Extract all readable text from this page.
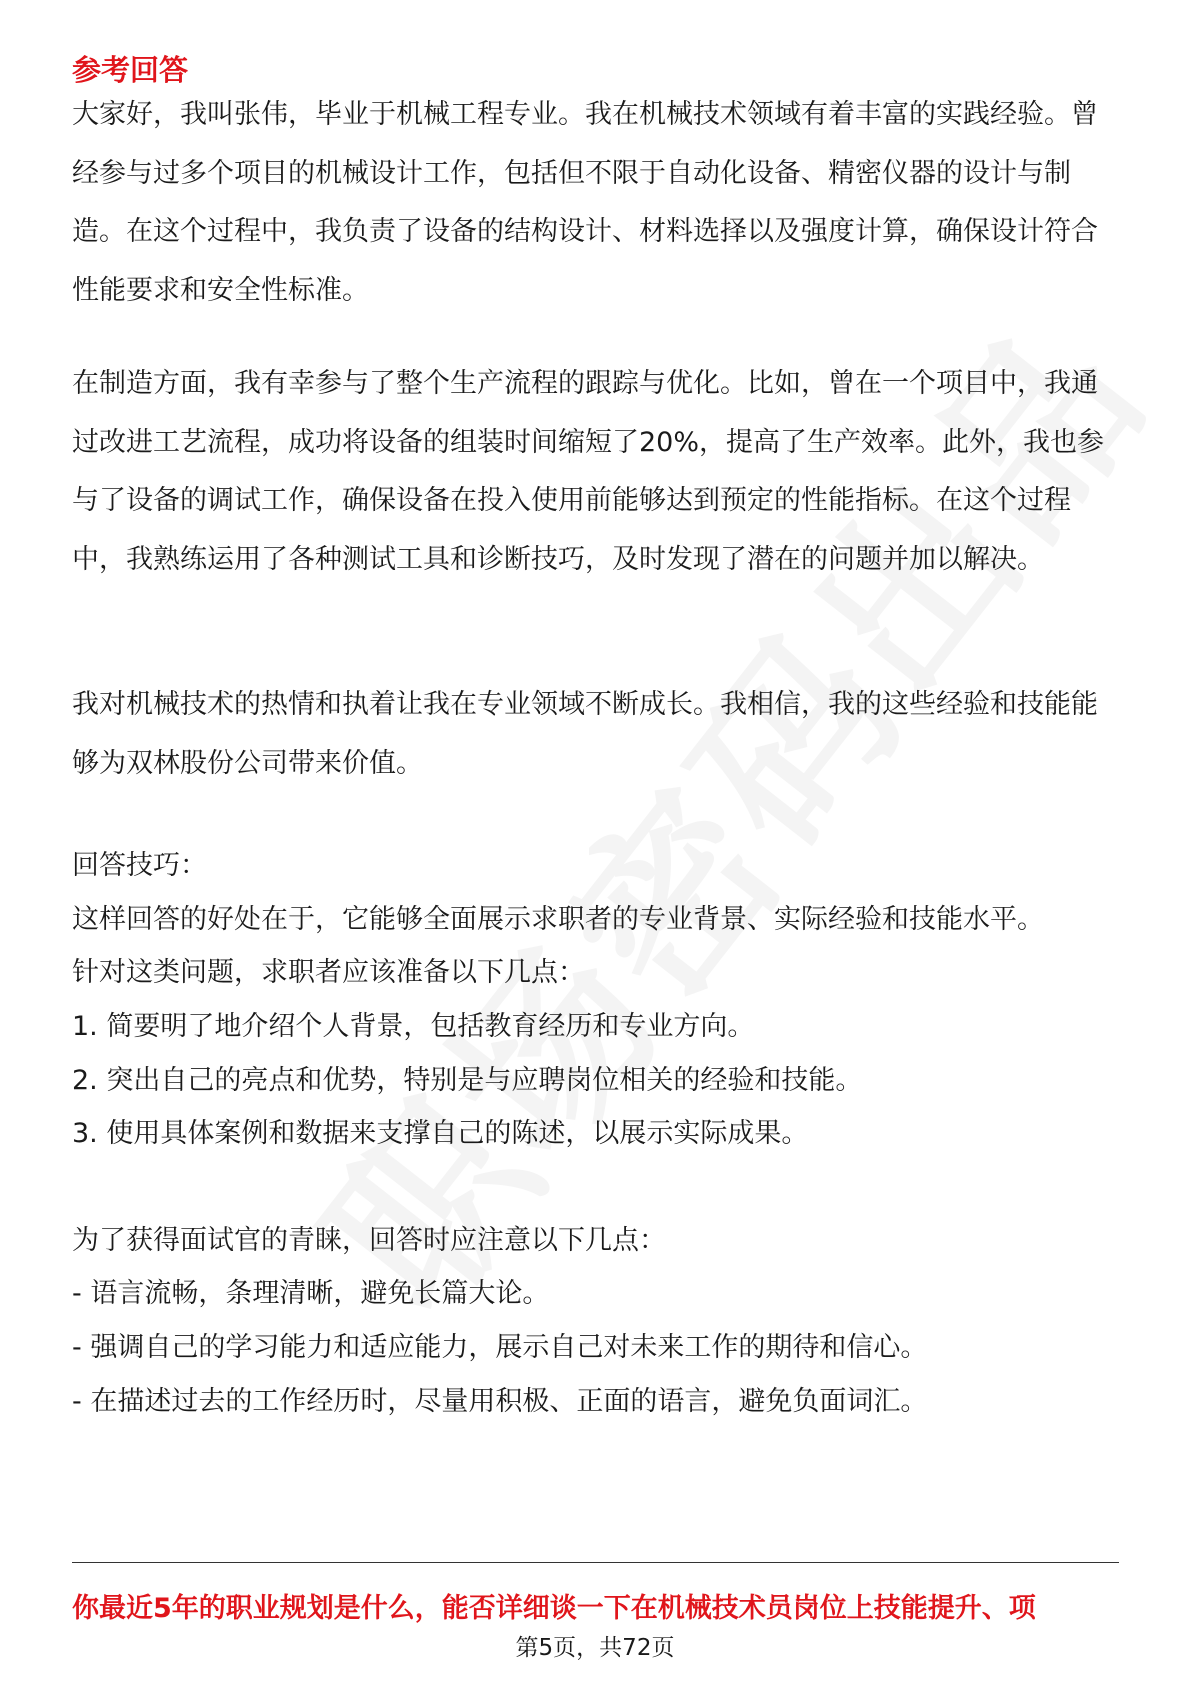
参考回答

大家好，我叫张伟，毕业于机械工程专业。我在机械技术领域有着丰富的实践经验。曾经参与过多个项目的机械设计工作，包括但不限于自动化设备、精密仪器的设计与制造。在这个过程中，我负责了设备的结构设计、材料选择以及强度计算，确保设计符合性能要求和安全性标准。

在制造方面，我有幸参与了整个生产流程的跟踪与优化。比如，曾在一个项目中，我通过改进工艺流程，成功将设备的组装时间缩短了20%，提高了生产效率。此外，我也参与了设备的调试工作，确保设备在投入使用前能够达到预定的性能指标。在这个过程中，我熟练运用了各种测试工具和诊断技巧，及时发现了潜在的问题并加以解决。

我对机械技术的热情和执着让我在专业领域不断成长。我相信，我的这些经验和技能能够为双林股份公司带来价值。

回答技巧：
这样回答的好处在于，它能够全面展示求职者的专业背景、实际经验和技能水平。
针对这类问题，求职者应该准备以下几点：
1. 简要明了地介绍个人背景，包括教育经历和专业方向。
2. 突出自己的亮点和优势，特别是与应聘岗位相关的经验和技能。
3. 使用具体案例和数据来支撑自己的陈述，以展示实际成果。
为了获得面试官的青睐，回答时应注意以下几点：
- 语言流畅，条理清晰，避免长篇大论。
- 强调自己的学习能力和适应能力，展示自己对未来工作的期待和信心。
- 在描述过去的工作经历时，尽量用积极、正面的语言，避免负面词汇。
你最近5年的职业规划是什么，能否详细谈一下在机械技术员岗位上技能提升、项
第5页，共72页
